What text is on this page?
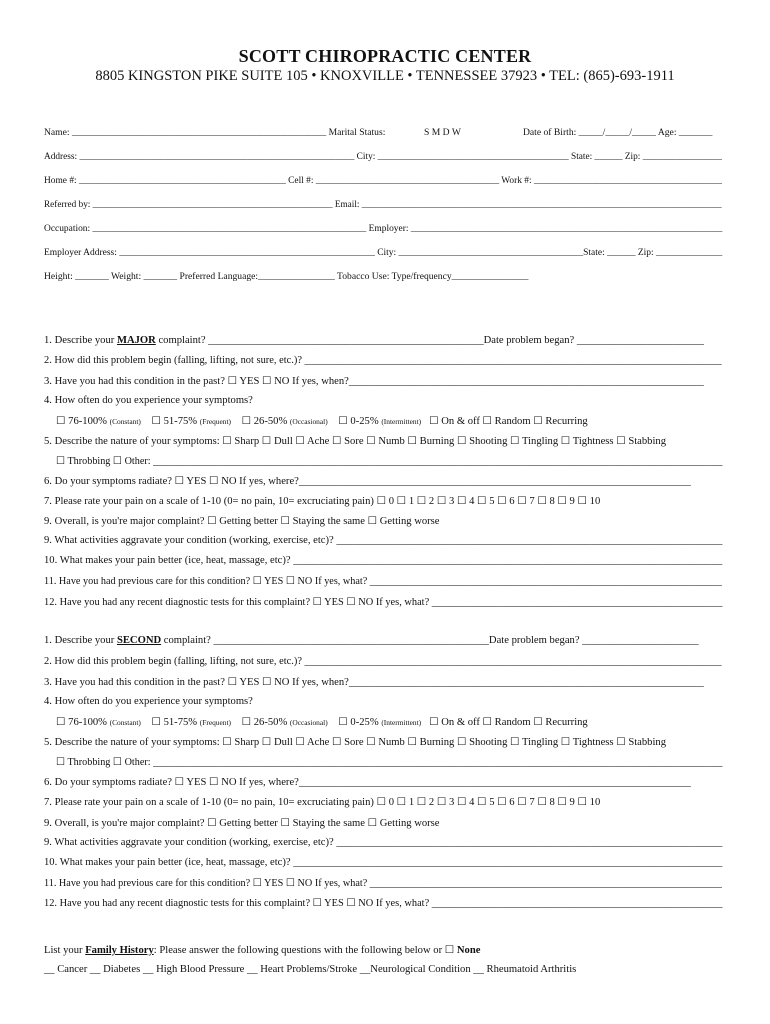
SCOTT CHIROPRACTIC CENTER
8805 KINGSTON PIKE SUITE 105 • KNOXVILLE • TENNESSEE 37923 • TEL: (865)-693-1911
Name: _____________________________________________________ Marital Status:	S M D W	Date of Birth: _____/_____/_____ Age: _______
Address: ___________________________________________________________ City: _________________________________________ State: ______ Zip: _________________
Home #: ____________________________________________ Cell #: _______________________________________ Work #: ________________________________________
Referred by: ____________________________________________________ Email: ______________________________________________________________________________
Occupation: __________________________________________________________ Employer: __________________________________________________________________
Employer Address: ______________________________________________________ City: _______________________________________State: ______ Zip: ______________
Height: _______ Weight: _______ Preferred Language:________________ Tobacco Use: Type/frequency________________
1. Describe your MAJOR complaint? ____________________________________________________Date problem began? ________________________
2. How did this problem begin (falling, lifting, not sure, etc.)? ________________________________________________________________________________
3. Have you had this condition in the past? ☐ YES ☐ NO If yes, when?___________________________________________________________________
4. How often do you experience your symptoms?
☐ 76-100% (Constant) ☐ 51-75% (Frequent) ☐ 26-50% (Occasional) ☐ 0-25% (Intermittent) ☐ On & off ☐ Random ☐ Recurring
5. Describe the nature of your symptoms: ☐ Sharp ☐ Dull ☐ Ache ☐ Sore ☐ Numb ☐ Burning ☐ Shooting ☐ Tingling ☐ Tightness ☐ Stabbing
☐ Throbbing ☐ Other: ________________________________________________________________________________________________________________
6. Do your symptoms radiate? ☐ YES ☐ NO If yes, where?__________________________________________________________________________
7. Please rate your pain on a scale of 1-10 (0= no pain, 10= excruciating pain) ☐ 0 ☐ 1 ☐ 2 ☐ 3 ☐ 4 ☐ 5 ☐ 6 ☐ 7 ☐ 8 ☐ 9 ☐ 10
9. Overall, is you're major complaint? ☐ Getting better ☐ Staying the same ☐ Getting worse
9. What activities aggravate your condition (working, exercise, etc)? _________________________________________________________________________
10. What makes your pain better (ice, heat, massage, etc)? _________________________________________________________________________________
11. Have you had previous care for this condition? ☐ YES ☐ NO If yes, what? _____________________________________________________________________
12. Have you had any recent diagnostic tests for this complaint? ☐ YES ☐ NO If yes, what? ________________________________________________________
1. Describe your SECOND complaint? ____________________________________________________Date problem began? ______________________
2. How did this problem begin (falling, lifting, not sure, etc.)? ________________________________________________________________________________
3. Have you had this condition in the past? ☐ YES ☐ NO If yes, when?___________________________________________________________________
4. How often do you experience your symptoms?
☐ 76-100% (Constant) ☐ 51-75% (Frequent) ☐ 26-50% (Occasional) ☐ 0-25% (Intermittent) ☐ On & off ☐ Random ☐ Recurring
5. Describe the nature of your symptoms: ☐ Sharp ☐ Dull ☐ Ache ☐ Sore ☐ Numb ☐ Burning ☐ Shooting ☐ Tingling ☐ Tightness ☐ Stabbing
☐ Throbbing ☐ Other: ________________________________________________________________________________________________________________
6. Do your symptoms radiate? ☐ YES ☐ NO If yes, where?__________________________________________________________________________
7. Please rate your pain on a scale of 1-10 (0= no pain, 10= excruciating pain) ☐ 0 ☐ 1 ☐ 2 ☐ 3 ☐ 4 ☐ 5 ☐ 6 ☐ 7 ☐ 8 ☐ 9 ☐ 10
9. Overall, is you're major complaint? ☐ Getting better ☐ Staying the same ☐ Getting worse
9. What activities aggravate your condition (working, exercise, etc)? _________________________________________________________________________
10. What makes your pain better (ice, heat, massage, etc)? _________________________________________________________________________________
11. Have you had previous care for this condition? ☐ YES ☐ NO If yes, what? _____________________________________________________________________
12. Have you had any recent diagnostic tests for this complaint? ☐ YES ☐ NO If yes, what? ________________________________________________________
List your Family History: Please answer the following questions with the following below or ☐ None
__ Cancer __ Diabetes __ High Blood Pressure __ Heart Problems/Stroke __Neurological Condition __ Rheumatoid Arthritis
